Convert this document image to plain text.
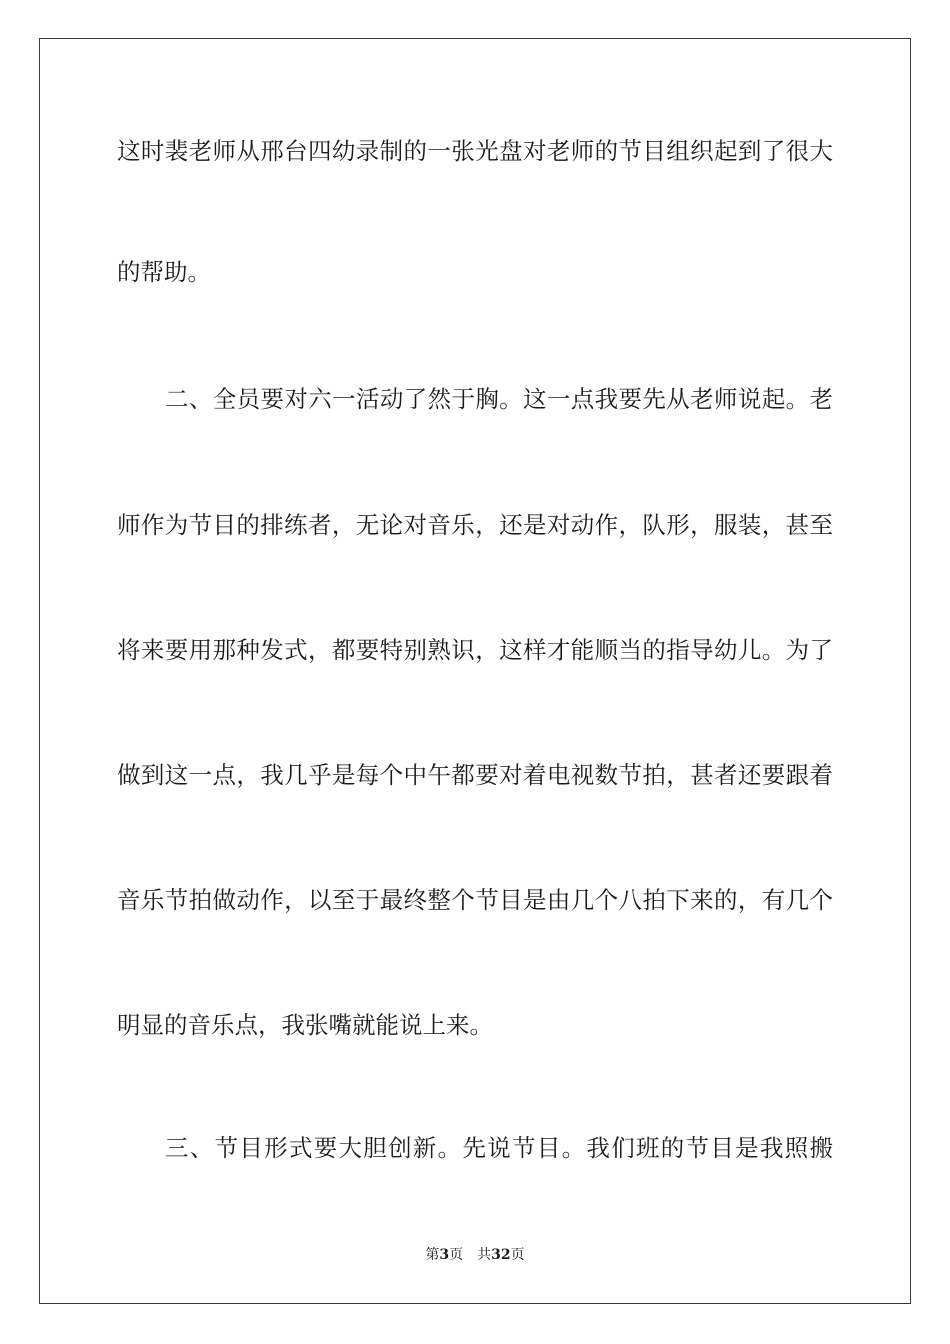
这时裴老师从邢台四幼录制的一张光盘对老师的节目组织起到了很大
的帮助。
二、全员要对六一活动了然于胸。这一点我要先从老师说起。老
师作为节目的排练者，无论对音乐，还是对动作，队形，服装，甚至
将来要用那种发式，都要特别熟识，这样才能顺当的指导幼儿。为了
做到这一点，我几乎是每个中午都要对着电视数节拍，甚者还要跟着
音乐节拍做动作，以至于最终整个节目是由几个八拍下来的，有几个
明显的音乐点，我张嘴就能说上来。
三、节目形式要大胆创新。先说节目。我们班的节目是我照搬
第3页 共32页
